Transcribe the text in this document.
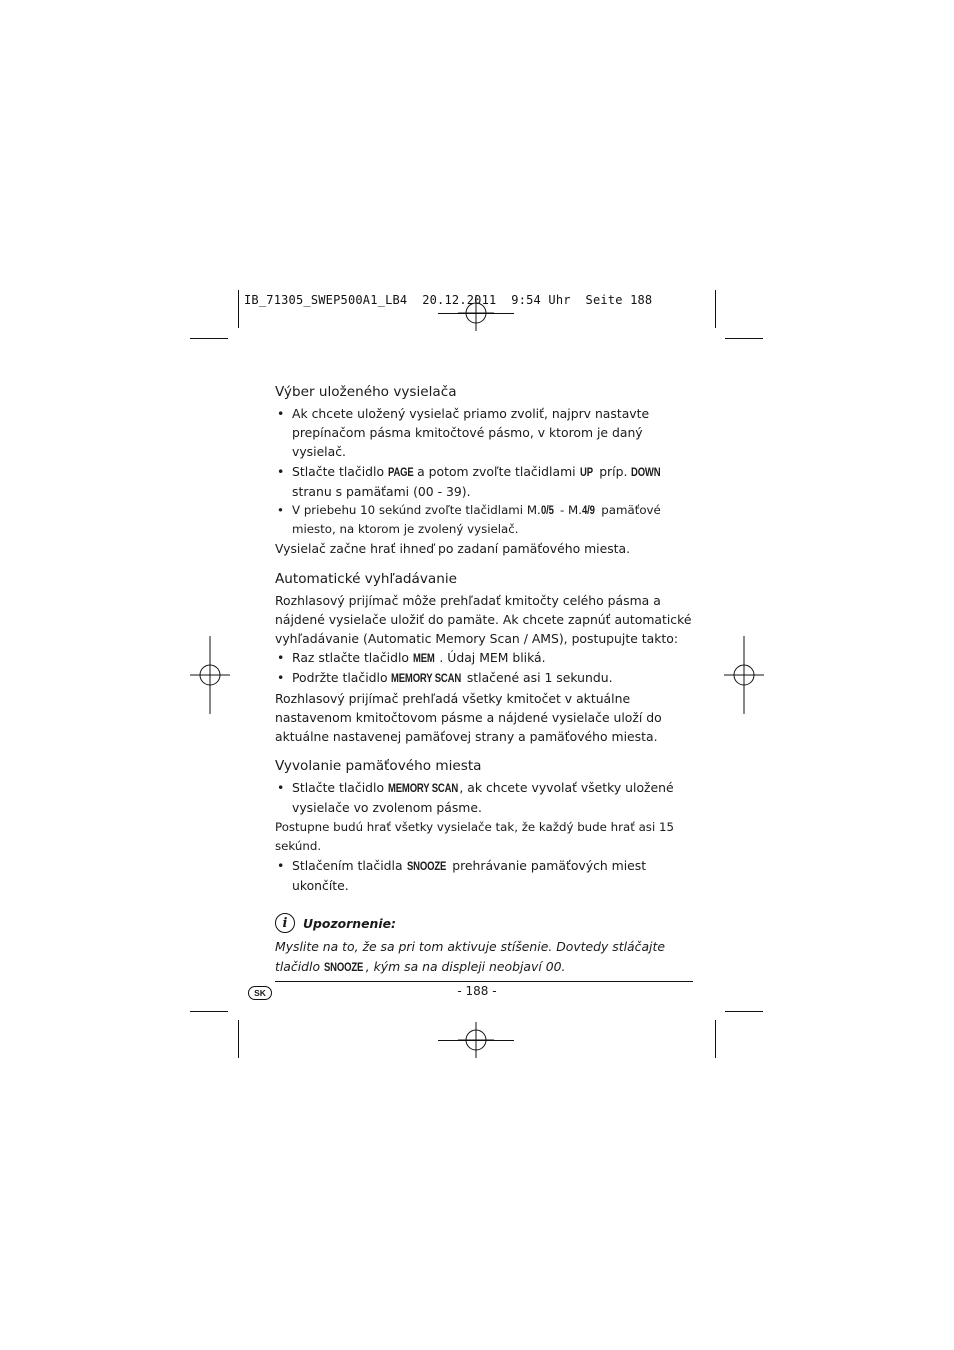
IB_71305_SWEP500A1_LB4  20.12.2011  9:54 Uhr  Seite 188
Výber uloženého vysielača
• Ak chcete uložený vysielač priamo zvoliť, najprv nastavte prepínačom pásma kmitočtové pásmo, v ktorom je daný vysielač.
• Stlačte tlačidlo PAGE a potom zvoľte tlačidlami UP príp. DOWN stranu s pamäťami (00 - 39).
• V priebehu 10 sekúnd zvoľte tlačidlami M.0/5 - M.4/9 pamäťové miesto, na ktorom je zvolený vysielač.

Vysielač začne hrať ihneď po zadaní pamäťového miesta.

Automatické vyhľadávanie

Rozhlasový prijímač môže prehľadať kmitočty celého pásma a nájdené vysielače uložiť do pamäte. Ak chcete zapnúť automatické vyhľadávanie (Automatic Memory Scan / AMS), postupujte takto:

• Raz stlačte tlačidlo MEM . Údaj MEM bliká.
• Podržte tlačidlo MEMORY SCAN stlačené asi 1 sekundu.

Rozhlasový prijímač prehľadá všetky kmitočet v aktuálne nastavenom kmitočtovom pásme a nájdené vysielače uloží do aktuálne nastavenej pamäťovej strany a pamäťového miesta.

Vyvolanie pamäťového miesta
• Stlačte tlačidlo MEMORY SCAN, ak chcete vyvolať všetky uložené vysielače vo zvolenom pásme.

Postupne budú hrať všetky vysielače tak, že každý bude hrať asi 15 sekúnd.

• Stlačením tlačidla SNOOZE prehrávanie pamäťových miest ukončíte.
i	Upozornenie:

Myslite na to, že sa pri tom aktivuje stíšenie. Dovtedy stláčajte tlačidlo SNOOZE , kým sa na displeji neobjaví 00.

SK	- 188 -
